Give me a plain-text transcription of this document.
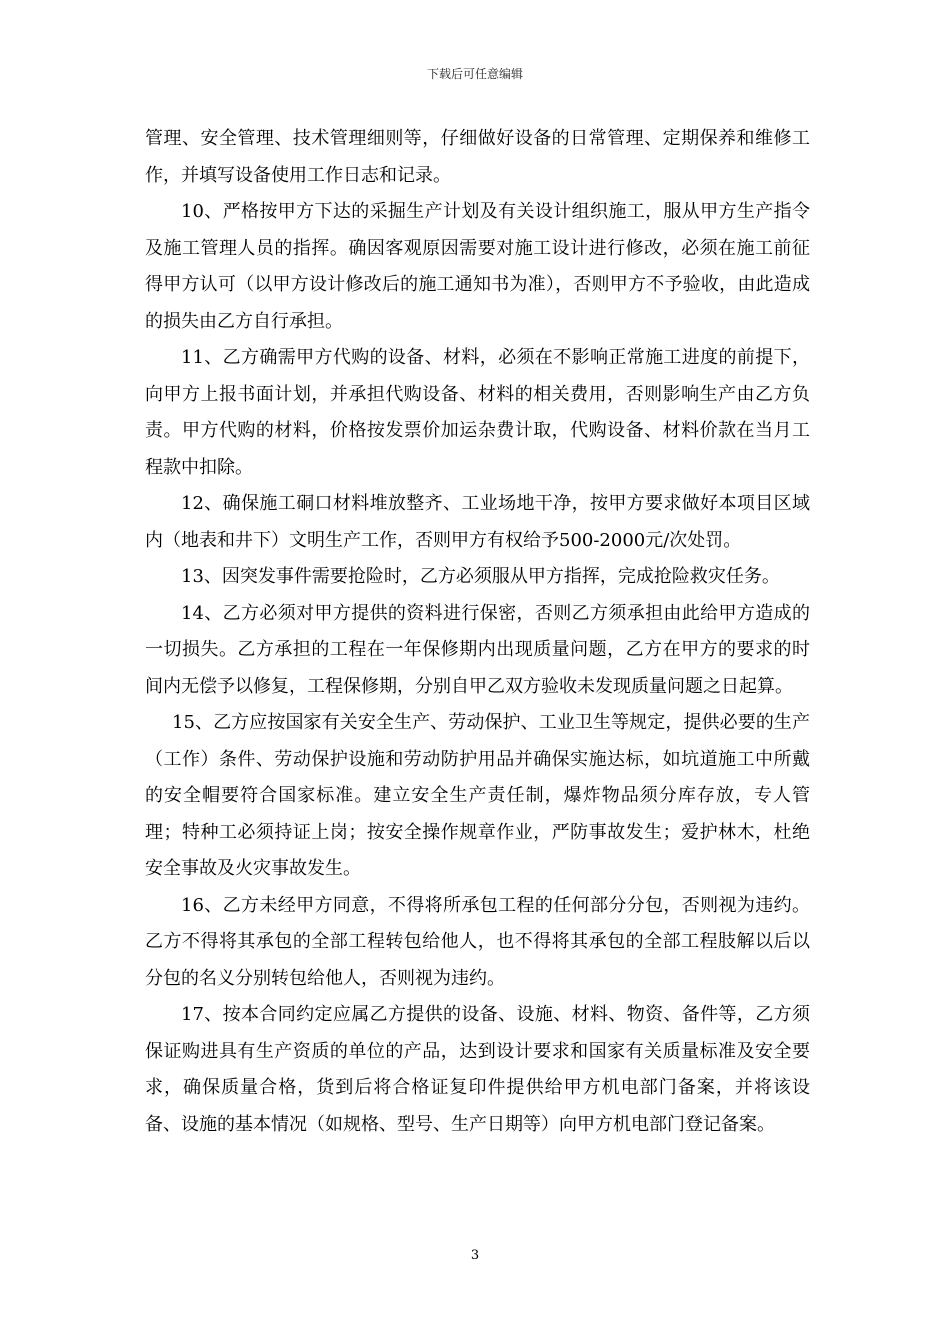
下载后可任意编辑

管理、安全管理、技术管理细则等，仔细做好设备的日常管理、定期保养和维修工作，并填写设备使用工作日志和记录。

10、严格按甲方下达的采掘生产计划及有关设计组织施工，服从甲方生产指令及施工管理人员的指挥。确因客观原因需要对施工设计进行修改，必须在施工前征得甲方认可（以甲方设计修改后的施工通知书为准），否则甲方不予验收，由此造成的损失由乙方自行承担。

11、乙方确需甲方代购的设备、材料，必须在不影响正常施工进度的前提下，向甲方上报书面计划，并承担代购设备、材料的相关费用，否则影响生产由乙方负责。甲方代购的材料，价格按发票价加运杂费计取，代购设备、材料价款在当月工程款中扣除。

12、确保施工硐口材料堆放整齐、工业场地干净，按甲方要求做好本项目区域内（地表和井下）文明生产工作，否则甲方有权给予500-2000元/次处罚。

13、因突发事件需要抢险时，乙方必须服从甲方指挥，完成抢险救灾任务。

14、乙方必须对甲方提供的资料进行保密，否则乙方须承担由此给甲方造成的一切损失。乙方承担的工程在一年保修期内出现质量问题，乙方在甲方的要求的时间内无偿予以修复，工程保修期，分别自甲乙双方验收未发现质量问题之日起算。

15、乙方应按国家有关安全生产、劳动保护、工业卫生等规定，提供必要的生产（工作）条件、劳动保护设施和劳动防护用品并确保实施达标，如坑道施工中所戴的安全帽要符合国家标准。建立安全生产责任制，爆炸物品须分库存放，专人管理；特种工必须持证上岗；按安全操作规章作业，严防事故发生；爱护林木，杜绝安全事故及火灾事故发生。

16、乙方未经甲方同意，不得将所承包工程的任何部分分包，否则视为违约。乙方不得将其承包的全部工程转包给他人，也不得将其承包的全部工程肢解以后以分包的名义分别转包给他人，否则视为违约。

17、按本合同约定应属乙方提供的设备、设施、材料、物资、备件等，乙方须保证购进具有生产资质的单位的产品，达到设计要求和国家有关质量标准及安全要求，确保质量合格，货到后将合格证复印件提供给甲方机电部门备案，并将该设备、设施的基本情况（如规格、型号、生产日期等）向甲方机电部门登记备案。

3
